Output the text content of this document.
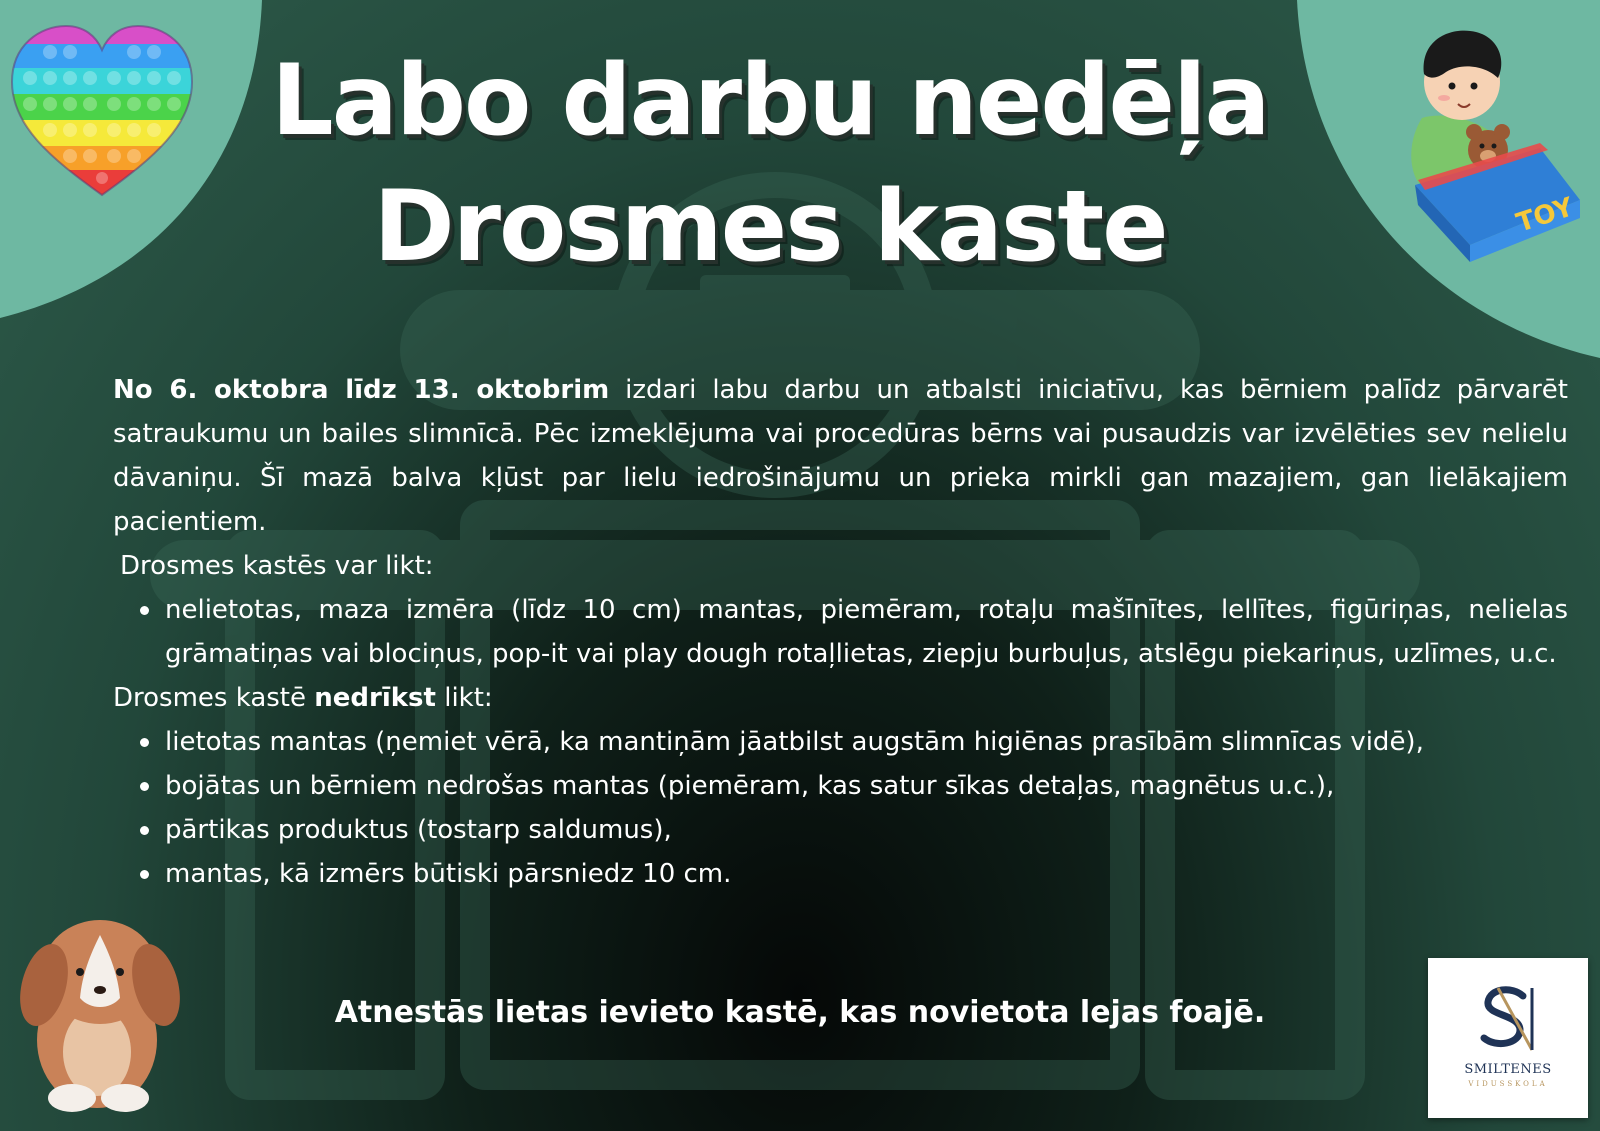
TOY
Labo darbu nedēļa
Drosmes kaste

No 6. oktobra līdz 13. oktobrim izdari labu darbu un atbalsti iniciatīvu, kas bērniem palīdz pārvarēt satraukumu un bailes slimnīcā. Pēc izmeklējuma vai procedūras bērns vai pusaudzis var izvēlēties sev nelielu dāvaniņu. Šī mazā balva kļūst par lielu iedrošinājumu un prieka mirkli gan mazajiem, gan lielākajiem pacientiem.

Drosmes kastēs var likt:

nelietotas, maza izmēra (līdz 10 cm) mantas, piemēram, rotaļu mašīnītes, lellītes, figūriņas, nelielas grāmatiņas vai blociņus, pop-it vai play dough rotaļlietas, ziepju burbuļus, atslēgu piekariņus, uzlīmes, u.c.

Drosmes kastē nedrīkst likt:

lietotas mantas (ņemiet vērā, ka mantiņām jāatbilst augstām higiēnas prasībām slimnīcas vidē),
bojātas un bērniem nedrošas mantas (piemēram, kas satur sīkas detaļas, magnētus u.c.),
pārtikas produktus (tostarp saldumus),
mantas, kā izmērs būtiski pārsniedz 10 cm.

Atnestās lietas ievieto kastē, kas novietota lejas foajē.

SMILTENES
VIDUSSKOLA
